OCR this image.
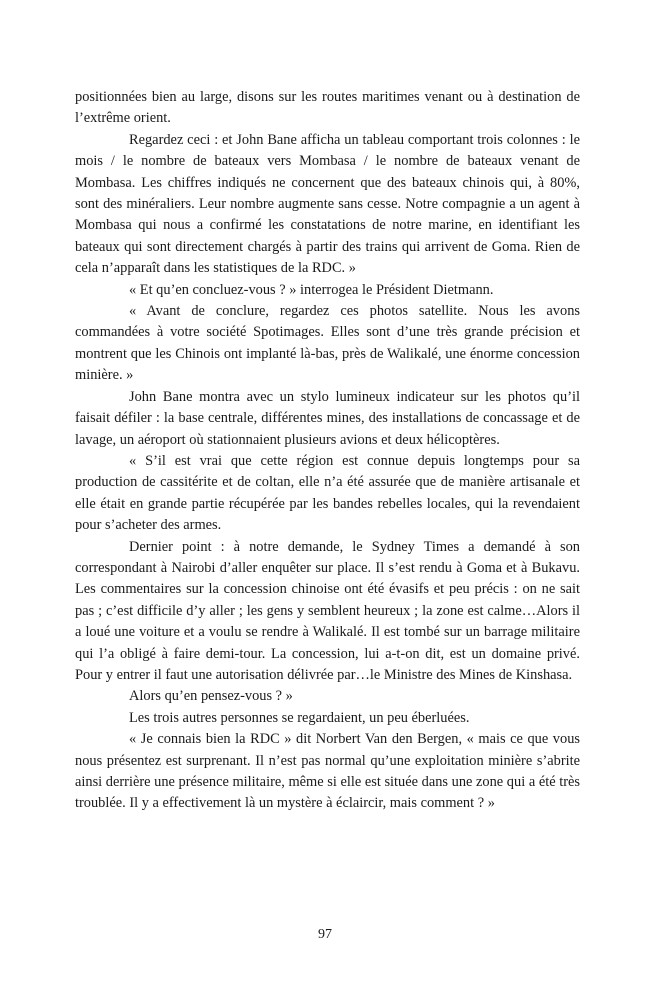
positionnées bien au large, disons sur les routes maritimes venant ou à destination de l’extrême orient.

Regardez ceci : et John Bane afficha un tableau comportant trois colonnes : le mois / le nombre de bateaux vers Mombasa / le nombre de bateaux venant de Mombasa. Les chiffres indiqués ne concernent que des bateaux chinois qui, à 80%, sont des minéraliers. Leur nombre augmente sans cesse. Notre compagnie a un agent à Mombasa qui nous a confirmé les constatations de notre marine, en identifiant les bateaux qui sont directement chargés à partir des trains qui arrivent de Goma. Rien de cela n’apparaît dans les statistiques de la RDC. »

« Et qu’en concluez-vous ? » interrogea le Président Dietmann.

« Avant de conclure, regardez ces photos satellite. Nous les avons commandées à votre société Spotimages. Elles sont d’une très grande précision et montrent que les Chinois ont implanté là-bas, près de Walikalé, une énorme concession minière. »

John Bane montra avec un stylo lumineux indicateur sur les photos qu’il faisait défiler : la base centrale, différentes mines, des installations de concassage et de lavage, un aéroport où stationnaient plusieurs avions et deux hélicoptères.

« S’il est vrai que cette région est connue depuis longtemps pour sa production de cassitérite et de coltan, elle n’a été assurée que de manière artisanale et elle était en grande partie récupérée par les bandes rebelles locales, qui la revendaient pour s’acheter des armes.

Dernier point : à notre demande, le Sydney Times a demandé à son correspondant à Nairobi d’aller enquêter sur place. Il s’est rendu à Goma et à Bukavu. Les commentaires sur la concession chinoise ont été évasifs et peu précis : on ne sait pas ; c’est difficile d’y aller ; les gens y semblent heureux ; la zone est calme…Alors il a loué une voiture et a voulu se rendre à Walikalé. Il est tombé sur un barrage militaire qui l’a obligé à faire demi-tour. La concession, lui a-t-on dit, est un domaine privé. Pour y entrer il faut une autorisation délivrée par…le Ministre des Mines de Kinshasa.

Alors qu’en pensez-vous ? »

Les trois autres personnes se regardaient, un peu éberluées.

« Je connais bien la RDC » dit Norbert Van den Bergen, « mais ce que vous nous présentez est surprenant. Il n’est pas normal qu’une exploitation minière s’abrite ainsi derrière une présence militaire, même si elle est située dans une zone qui a été très troublée. Il y a effectivement là un mystère à éclaircir, mais comment ? »

97
